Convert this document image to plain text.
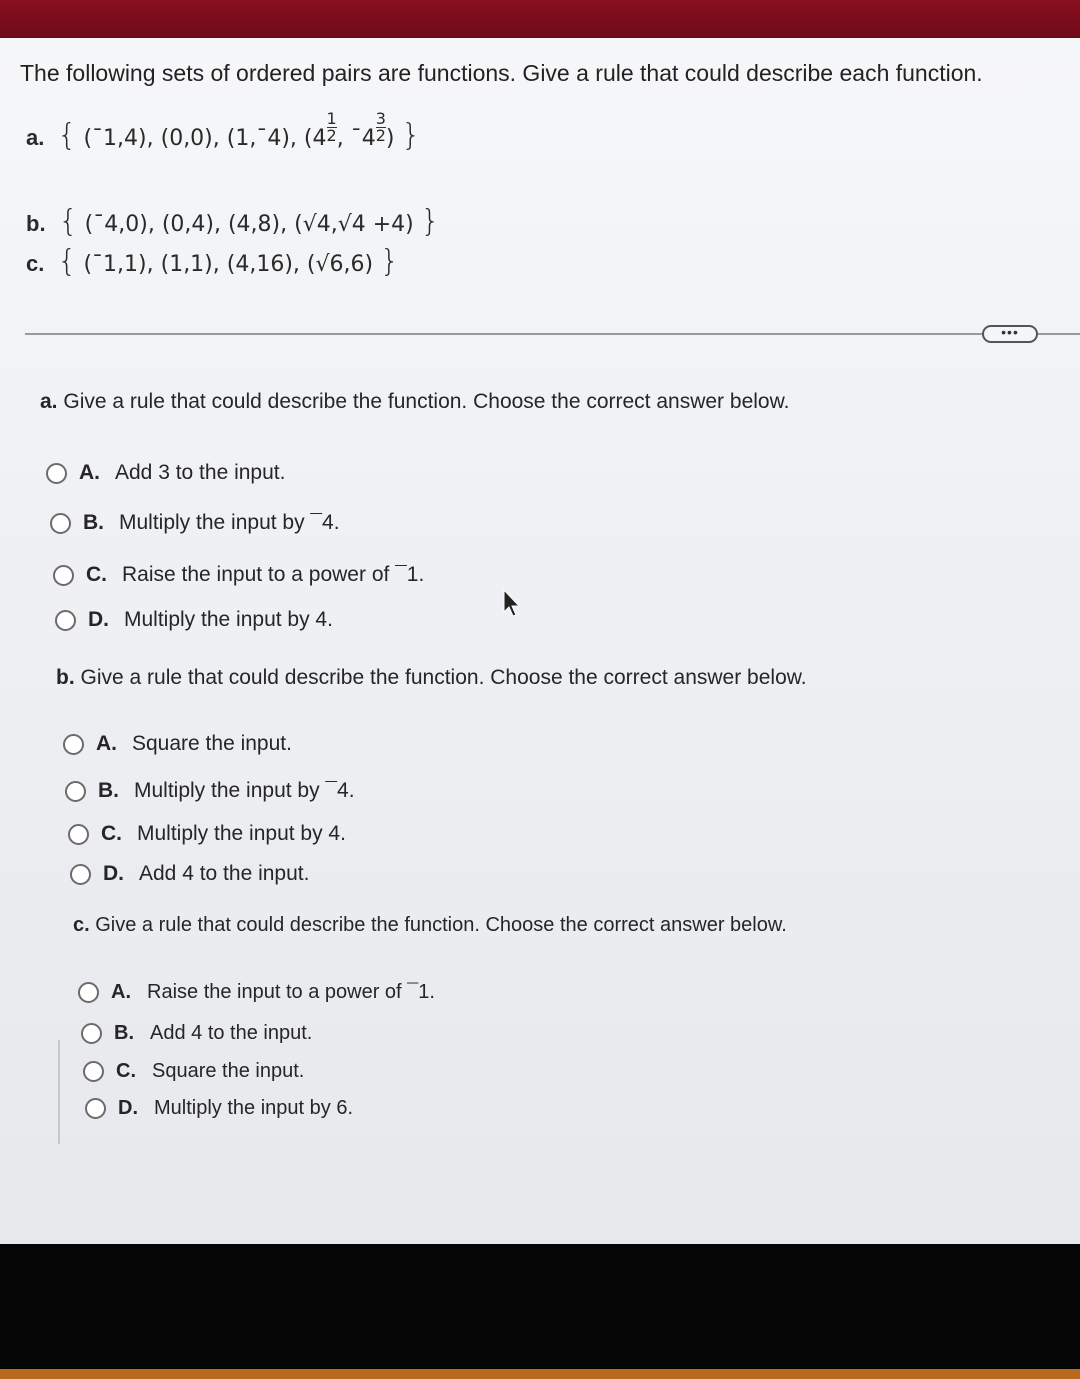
The following sets of ordered pairs are functions. Give a rule that could describe each function.
a. { (¯1,4), (0,0), (1,¯4), ($4 \frac{1}{2}$ , ¯4 $\frac{3}{2}$ ) }
b. { (¯4,0), (0,4), (4,8), (√4,√4 +4) }
c. { (¯1,1), (1,1), (4,16), (√6,6) }
•••
a. Give a rule that could describe the function. Choose the correct answer below.
A. Add 3 to the input.
B. Multiply the input by ¯4.
C. Raise the input to a power of ¯1.
D. Multiply the input by 4.
b. Give a rule that could describe the function. Choose the correct answer below.
A. Square the input.
B. Multiply the input by ¯4.
C. Multiply the input by 4.
D. Add 4 to the input.
c. Give a rule that could describe the function. Choose the correct answer below.
A. Raise the input to a power of ¯1.
B. Add 4 to the input.
C. Square the input.
D. Multiply the input by 6.
